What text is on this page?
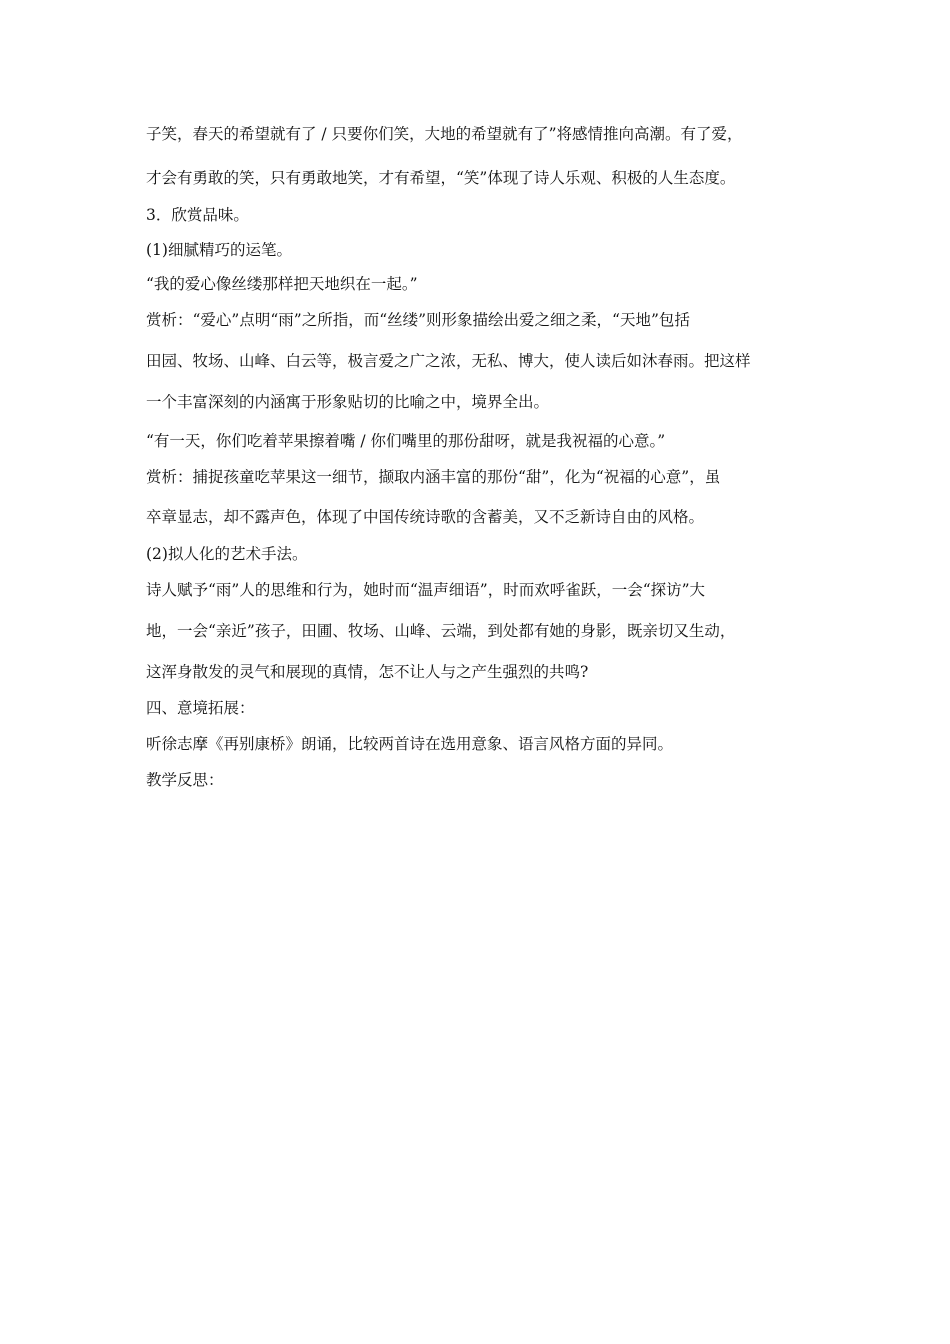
子笑，春天的希望就有了 / 只要你们笑，大地的希望就有了”将感情推向高潮。有了爱，
才会有勇敢的笑，只有勇敢地笑，才有希望，“笑”体现了诗人乐观、积极的人生态度。
3．欣赏品味。
(1)细腻精巧的运笔。
“我的爱心像丝缕那样把天地织在一起。”
赏析：“爱心”点明“雨”之所指，而“丝缕”则形象描绘出爱之细之柔，“天地”包括
田园、牧场、山峰、白云等，极言爱之广之浓，无私、博大，使人读后如沐春雨。把这样
一个丰富深刻的内涵寓于形象贴切的比喻之中，境界全出。
“有一天，你们吃着苹果擦着嘴 / 你们嘴里的那份甜呀，就是我祝福的心意。”
赏析：捕捉孩童吃苹果这一细节，撷取内涵丰富的那份“甜”，化为“祝福的心意”，虽
卒章显志，却不露声色，体现了中国传统诗歌的含蓄美，又不乏新诗自由的风格。
(2)拟人化的艺术手法。
诗人赋予“雨”人的思维和行为，她时而“温声细语”，时而欢呼雀跃，一会“探访”大
地，一会“亲近”孩子，田圃、牧场、山峰、云端，到处都有她的身影，既亲切又生动，
这浑身散发的灵气和展现的真情，怎不让人与之产生强烈的共鸣?
四、意境拓展：
听徐志摩《再别康桥》朗诵，比较两首诗在选用意象、语言风格方面的异同。
教学反思：
